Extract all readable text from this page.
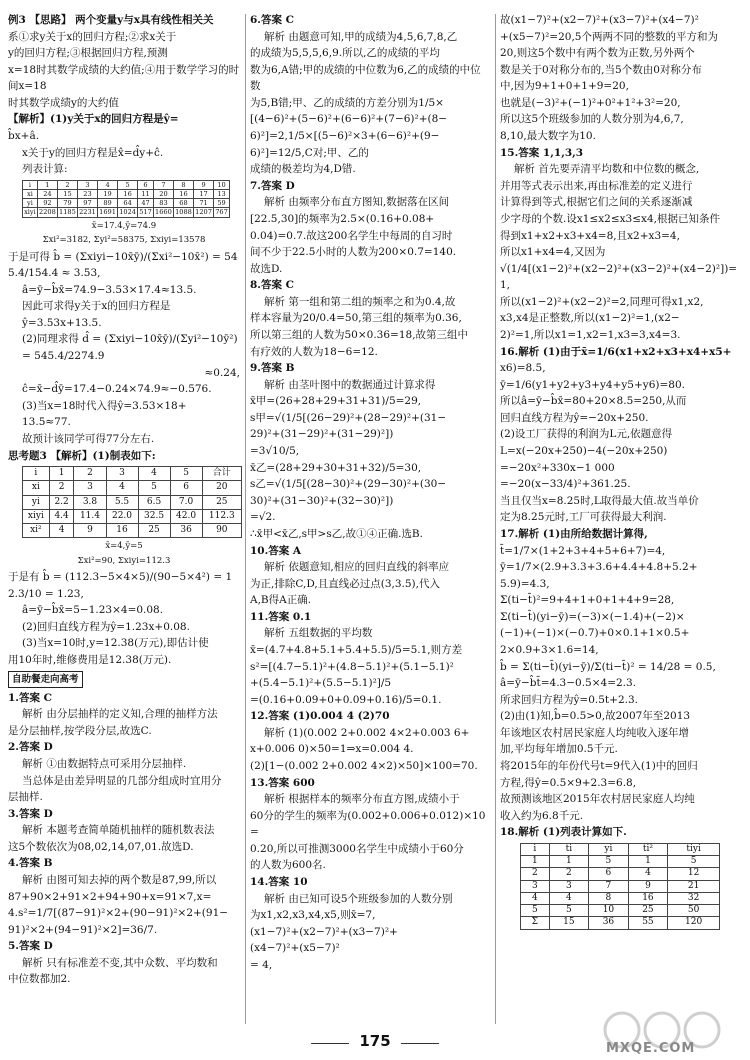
例3 【思路】 两个变量y与x具有线性相关关

系①求y关于x的回归方程;②求x关于

y的回归方程;③根据回归方程,预测

x=18时其数学成绩的大约值;④用于数学学习的时间x=18

时其数学成绩y的大约值

【解析】(1)y关于x的回归方程是ŷ=

b̂x+â.

x关于y的回归方程是x̂=d̂y+ĉ.

列表计算:

i	1	2	3	4	5	6	7	8	9	10
xi	24	15	23	19	16	11	20	16	17	13
yi	92	79	97	89	64	47	83	68	71	59
xiyi	2208	1185	2231	1691	1024	517	1660	1088	1207	767

x̄=17.4,ȳ=74.9

Σxi²=3182, Σyi²=58375, Σxiyi=13578

于是可得 b̂ = (Σxiyi−10x̄ȳ)/(Σxi²−10x̄²) = 545.4/154.4 ≈ 3.53,

â=ȳ−b̂x̄=74.9−3.53×17.4≈13.5.

因此可求得y关于x的回归方程是

ŷ=3.53x+13.5.

(2)同理求得 d̂ = (Σxiyi−10x̄ȳ)/(Σyi²−10ȳ²) = 545.4/2274.9

≈0.24,

ĉ=x̄−d̂ȳ=17.4−0.24×74.9≈−0.576.

(3)当x=18时代入得ŷ=3.53×18+

13.5≈77.

故预计该同学可得77分左右.

思考题3 【解析】(1)制表如下:

i	1	2	3	4	5	合计
xi	2	3	4	5	6	20
yi	2.2	3.8	5.5	6.5	7.0	25
xiyi	4.4	11.4	22.0	32.5	42.0	112.3
xi²	4	9	16	25	36	90

x̄=4,ȳ=5

Σxi²=90, Σxiyi=112.3

于是有 b̂ = (112.3−5×4×5)/(90−5×4²) = 12.3/10 = 1.23,

â=ȳ−b̂x̄=5−1.23×4=0.08.

(2)回归直线方程为ŷ=1.23x+0.08.

(3)当x=10时,y=12.38(万元),即估计使

用10年时,维修费用是12.38(万元).

自助餐走向高考

1.答案 C

解析 由分层抽样的定义知,合理的抽样方法

是分层抽样,按学段分层,故选C.

2.答案 D

解析 ①由数据特点可采用分层抽样.

当总体是由差异明显的几部分组成时宜用分

层抽样.

3.答案 D

解析 本题考查简单随机抽样的随机数表法

这5个数依次为08,02,14,07,01.故选D.

4.答案 B

解析 由图可知去掉的两个数是87,99,所以

87+90×2+91×2+94+90+x=91×7,x=

4.s²=1/7[(87−91)²×2+(90−91)²×2+(91−

91)²×2+(94−91)²×2]=36/7.

5.答案 D

解析 只有标准差不变,其中众数、平均数和

中位数都加2.

6.答案 C

解析 由题意可知,甲的成绩为4,5,6,7,8,乙

的成绩为5,5,5,6,9.所以,乙的成绩的平均

数为6,A错;甲的成绩的中位数为6,乙的成绩的中位数

为5,B错;甲、乙的成绩的方差分别为1/5×

[(4−6)²+(5−6)²+(6−6)²+(7−6)²+(8−

6)²]=2,1/5×[(5−6)²×3+(6−6)²+(9−

6)²]=12/5,C对;甲、乙的

成绩的极差均为4,D错.

7.答案 D

解析 由频率分布直方图知,数据落在区间

[22.5,30]的频率为2.5×(0.16+0.08+

0.04)=0.7.故这200名学生中每周的自习时

间不少于22.5小时的人数为200×0.7=140.

故选D.

8.答案 C

解析 第一组和第二组的频率之和为0.4,故

样本容量为20/0.4=50,第三组的频率为0.36,

所以第三组的人数为50×0.36=18,故第三组中

有疗效的人数为18−6=12.

9.答案 B

解析 由茎叶图中的数据通过计算求得

x̄甲=(26+28+29+31+31)/5=29,

s甲=√(1/5[(26−29)²+(28−29)²+(31−

29)²+(31−29)²+(31−29)²])

=3√10/5,

x̄乙=(28+29+30+31+32)/5=30,

s乙=√(1/5[(28−30)²+(29−30)²+(30−

30)²+(31−30)²+(32−30)²])

=√2.

∴x̄甲<x̄乙,s甲>s乙,故①④正确.选B.

10.答案 A

解析 依题意知,相应的回归直线的斜率应

为正,排除C,D,且直线必过点(3,3.5),代入

A,B得A正确.

11.答案 0.1

解析 五组数据的平均数

x̄=(4.7+4.8+5.1+5.4+5.5)/5=5.1,则方差

s²=[(4.7−5.1)²+(4.8−5.1)²+(5.1−5.1)²

+(5.4−5.1)²+(5.5−5.1)²]/5

=(0.16+0.09+0+0.09+0.16)/5=0.1.

12.答案 (1)0.004 4 (2)70

解析 (1)(0.002 2+0.002 4×2+0.003 6+

x+0.006 0)×50=1⇒x=0.004 4.

(2)[1−(0.002 2+0.002 4×2)×50]×100=70.

13.答案 600

解析 根据样本的频率分布直方图,成绩小于

60分的学生的频率为(0.002+0.006+0.012)×10=

0.20,所以可推测3000名学生中成绩小于60分

的人数为600名.

14.答案 10

解析 由已知可设5个班级参加的人数分别

为x1,x2,x3,x4,x5,则x̄=7,

(x1−7)²+(x2−7)²+(x3−7)²+

(x4−7)²+(x5−7)²

= 4,

故(x1−7)²+(x2−7)²+(x3−7)²+(x4−7)²

+(x5−7)²=20,5个两两不同的整数的平方和为

20,则这5个数中有两个数为正数,另外两个

数是关于0对称分布的,当5个数由0对称分布

中,因为9+1+0+1+9=20,

也就是(−3)²+(−1)²+0²+1²+3²=20,

所以这5个班级参加的人数分别为4,6,7,

8,10,最大数字为10.

15.答案 1,1,3,3

解析 首先要弄清平均数和中位数的概念,

并用等式表示出来,再由标准差的定义进行

计算得到等式,根据它们之间的关系逐渐减

少字母的个数.设x1≤x2≤x3≤x4,根据已知条件

得到x1+x2+x3+x4=8,且x2+x3=4,

所以x1+x4=4,又因为

√(1/4[(x1−2)²+(x2−2)²+(x3−2)²+(x4−2)²])=1,

所以(x1−2)²+(x2−2)²=2,同理可得x1,x2,

x3,x4是正整数,所以(x1−2)²=1,(x2−

2)²=1,所以x1=1,x2=1,x3=3,x4=3.

16.解析 (1)由于x̄=1/6(x1+x2+x3+x4+x5+

x6)=8.5,

ȳ=1/6(y1+y2+y3+y4+y5+y6)=80.

所以â=ȳ−b̂x̄=80+20×8.5=250,从而

回归直线方程为ŷ=−20x+250.

(2)设工厂获得的利润为L元,依题意得

L=x(−20x+250)−4(−20x+250)

=−20x²+330x−1 000

=−20(x−33/4)²+361.25.

当且仅当x=8.25时,L取得最大值.故当单价

定为8.25元时,工厂可获得最大利润.

17.解析 (1)由所给数据计算得,

t̄=1/7×(1+2+3+4+5+6+7)=4,

ȳ=1/7×(2.9+3.3+3.6+4.4+4.8+5.2+

5.9)=4.3,

Σ(ti−t̄)²=9+4+1+0+1+4+9=28,

Σ(ti−t̄)(yi−ȳ)=(−3)×(−1.4)+(−2)×

(−1)+(−1)×(−0.7)+0×0.1+1×0.5+

2×0.9+3×1.6=14,

b̂ = Σ(ti−t̄)(yi−ȳ)/Σ(ti−t̄)² = 14/28 = 0.5,

â=ȳ−b̂t̄=4.3−0.5×4=2.3.

所求回归方程为ŷ=0.5t+2.3.

(2)由(1)知,b̂=0.5>0,故2007年至2013

年该地区农村居民家庭人均纯收入逐年增

加,平均每年增加0.5千元.

将2015年的年份代号t=9代入(1)中的回归

方程,得ŷ=0.5×9+2.3=6.8,

故预测该地区2015年农村居民家庭人均纯

收入约为6.8千元.

18.解析 (1)列表计算如下.

i	ti	yi	ti²	tiyi
1	1	5	1	5
2	2	6	4	12
3	3	7	9	21
4	4	8	16	32
5	5	10	25	50
Σ	15	36	55	120
175	MXQE.COM
